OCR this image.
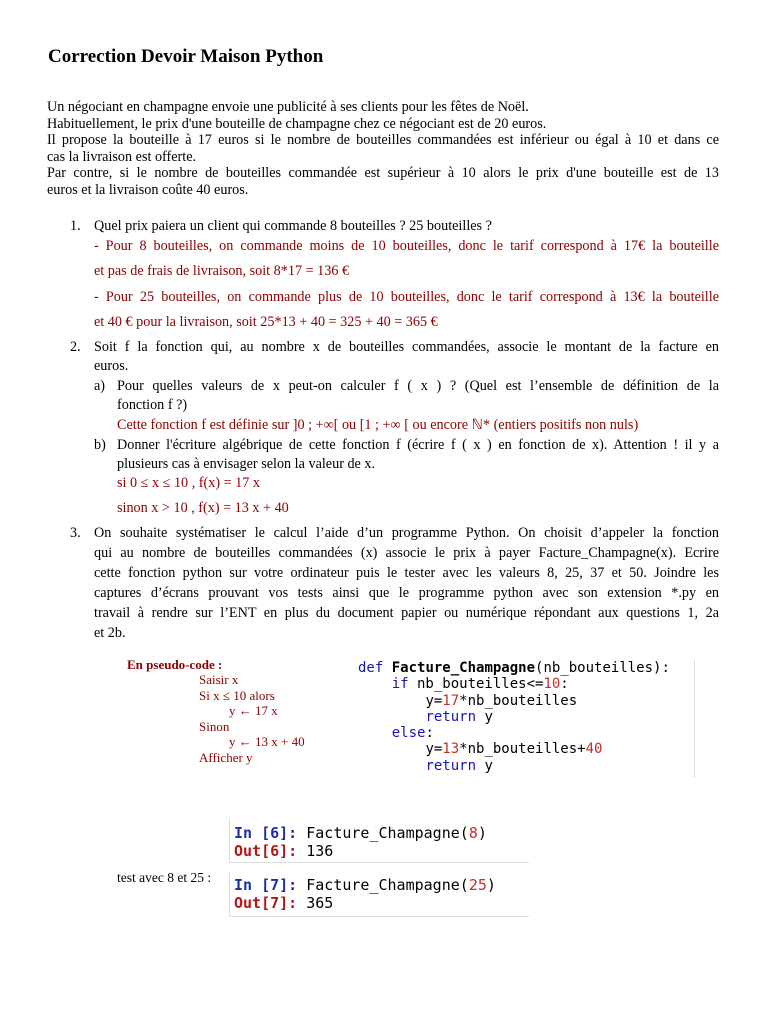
Correction Devoir Maison Python
Un négociant en champagne envoie une publicité à ses clients pour les fêtes de Noël.
Habituellement, le prix d'une bouteille de champagne chez ce négociant est de 20 euros.
Il propose la bouteille à 17 euros si le nombre de bouteilles commandées est inférieur ou égal à 10 et dans ce
cas la livraison est offerte.
Par contre, si le nombre de bouteilles commandée est supérieur à 10 alors le prix d'une bouteille est de 13
euros et la livraison coûte 40 euros.
1. Quel prix paiera un client qui commande 8 bouteilles ? 25 bouteilles ?
- Pour 8 bouteilles, on commande moins de 10 bouteilles, donc le tarif correspond à 17€ la bouteille
et pas de frais de livraison, soit 8*17 = 136 €
- Pour 25 bouteilles, on commande plus de 10 bouteilles, donc le tarif correspond à 13€ la bouteille
et 40 € pour la livraison, soit 25*13 + 40 = 325 + 40 = 365 €
2. Soit f la fonction qui, au nombre x de bouteilles commandées, associe le montant de la facture en
euros.
a) Pour quelles valeurs de x peut-on calculer f ( x ) ? (Quel est l’ensemble de définition de la
fonction f ?)
Cette fonction f est définie sur ]0 ; +∞[ ou [1 ; +∞ [ ou encore ℕ* (entiers positifs non nuls)
b) Donner l'écriture algébrique de cette fonction f (écrire f ( x ) en fonction de x). Attention ! il y a
plusieurs cas à envisager selon la valeur de x.
si 0 ≤ x ≤ 10 , f(x) = 17 x
sinon x > 10 , f(x) = 13 x + 40
3. On souhaite systématiser le calcul l’aide d’un programme Python. On choisit d’appeler la fonction
qui au nombre de bouteilles commandées (x) associe le prix à payer Facture_Champagne(x). Ecrire
cette fonction python sur votre ordinateur puis le tester avec les valeurs 8, 25, 37 et 50. Joindre les
captures d’écrans prouvant vos tests ainsi que le programme python avec son extension *.py en
travail à rendre sur l’ENT en plus du document papier ou numérique répondant aux questions 1, 2a
et 2b.
En pseudo-code :
Saisir x
Si x ≤ 10 alors
y ← 17 x
Sinon
y ← 13 x + 40
Afficher y
def Facture_Champagne(nb_bouteilles):
if nb_bouteilles<=10:
y=17*nb_bouteilles
return y
else:
y=13*nb_bouteilles+40
return y
test avec 8 et 25 :
In [6]: Facture_Champagne(8)
Out[6]: 136
In [7]: Facture_Champagne(25)
Out[7]: 365
